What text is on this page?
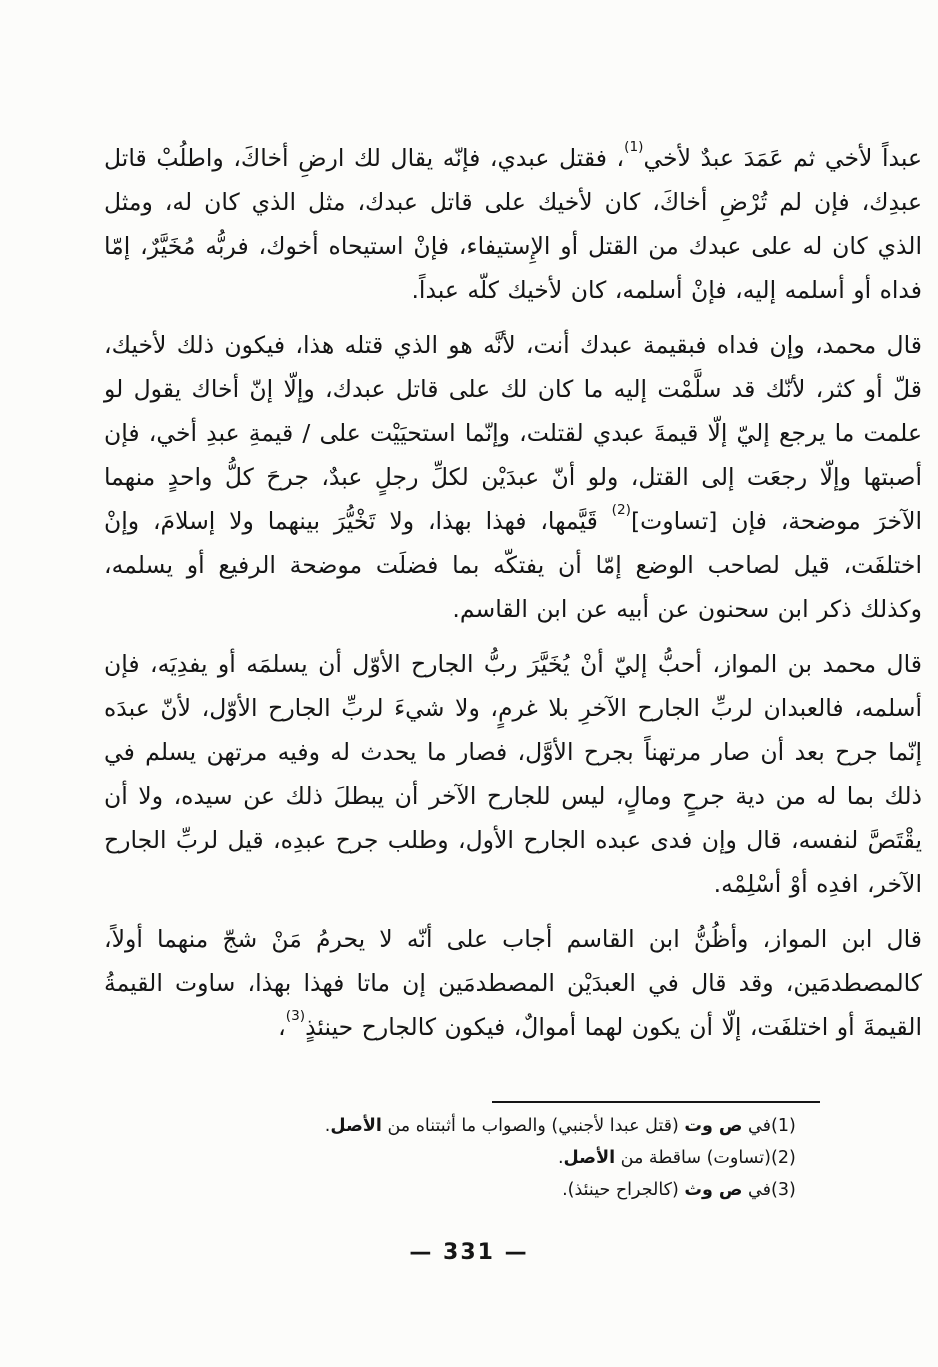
عبداً لأخي ثم عَمَدَ عبدٌ لأخي$^{(1)}$، فقتل عبدي، فإنّه يقال لك ارضِ أخاكَ، واطلُبْ قاتل عبدِك، فإن لم تُرْضِ أخاكَ، كان لأخيك على قاتل عبدك، مثل الذي كان له، ومثل الذي كان له على عبدك من القتل أو الإِستيفاء، فإنْ استيحاه أخوك، فربُّه مُخَيَّرٌ، إمّا فداه أو أسلمه إليه، فإنْ أسلمه، كان لأخيك كلّه عبداً.

قال محمد، وإن فداه فبقيمة عبدك أنت، لأنَّه هو الذي قتله هذا، فيكون ذلك لأخيك، قلّ أو كثر، لأنّك قد سلَّمْت إليه ما كان لك على قاتل عبدك، وإلّا إنّ أخاك يقول لو علمت ما يرجع إليّ إلّا قيمةَ عبدي لقتلت، وإنّما استحيَيْت على / قيمةِ عبدِ أخي، فإن أصبتها وإلّا رجعَت إلى القتل، ولو أنّ عبدَيْن لكلِّ رجلٍ عبدٌ، جرحَ كلُّ واحدٍ منهما الآخرَ موضحة، فإن [تساوت]$^{(2)}$ قَيَّمها، فهذا بهذا، ولا تَخْيُّرَ بينهما ولا إسلامَ، وإنْ اختلفَت، قيل لصاحب الوضع إمّا أن يفتكّه بما فضلَت موضحة الرفيع أو يسلمه، وكذلك ذكر ابن سحنون عن أبيه عن ابن القاسم.

قال محمد بن المواز، أحبُّ إليّ أنْ يُخَيَّرَ ربُّ الجارح الأوّل أن يسلمَه أو يفدِيَه، فإن أسلمه، فالعبدان لربِّ الجارح الآخرِ بلا غرمٍ، ولا شيءَ لربِّ الجارح الأوّل، لأنّ عبدَه إنّما جرح بعد أن صار مرتهناً بجرح الأوَّل، فصار ما يحدث له وفيه مرتهن يسلم في ذلك بما له من دية جرحٍ ومالٍ، ليس للجارح الآخر أن يبطلَ ذلك عن سيده، ولا أن يقْتَصَّ لنفسه، قال وإن فدى عبده الجارح الأول، وطلب جرح عبدِه، قيل لربِّ الجارح الآخر، افدِه أوْ أسْلِمْه.

قال ابن المواز، وأظُنُّ ابن القاسم أجاب على أنّه لا يحرمُ مَنْ شجّ منهما أولاً، كالمصطدمَين، وقد قال في العبدَيْن المصطدمَين إن ماتا فهذا بهذا، ساوت القيمةُ القيمةَ أو اختلفَت، إلّا أن يكون لهما أموالٌ، فيكون كالجارح حينئذٍ$^{(3)}$،

(1)
في ص وت (قتل عبدا لأجنبي) والصواب ما أثبتناه من الأصل.
(2)
(تساوت) ساقطة من الأصل.
(3)
في ص وث (كالجراح حينئذ).
— 331 —
